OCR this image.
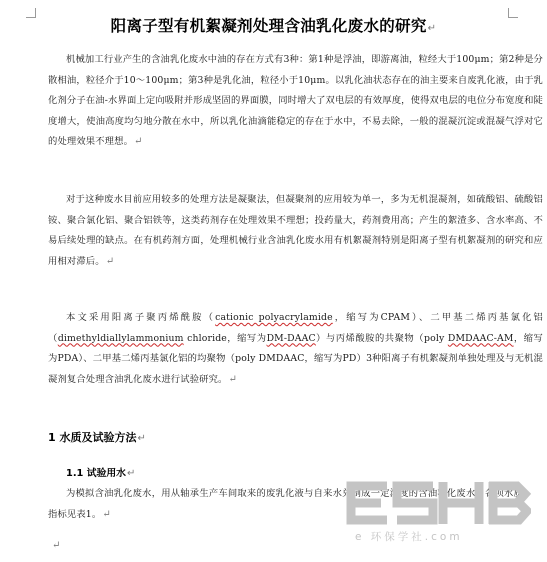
阳离子型有机絮凝剂处理含油乳化废水的研究↵
机械加工行业产生的含油乳化废水中油的存在方式有3种：第1种是浮油，即游离油，粒经大于100μm；第2种是分散相油，粒径介于10～100μm；第3种是乳化油，粒径小于10μm。以乳化油状态存在的油主要来自废乳化液，由于乳化剂分子在油-水界面上定向吸附并形成坚固的界面膜，同时增大了双电层的有效厚度，使得双电层的电位分布宽度和陡度增大，使油高度均匀地分散在水中，所以乳化油滴能稳定的存在于水中，不易去除，一般的混凝沉淀或混凝气浮对它的处理效果不理想。↵
对于这种废水目前应用较多的处理方法是凝聚法，但凝聚剂的应用较为单一，多为无机混凝剂，如硫酸铝、硫酸铝铵、聚合氯化铝、聚合铝铁等，这类药剂存在处理效果不理想；投药量大，药剂费用高；产生的絮渣多、含水率高、不易后续处理的缺点。在有机药剂方面，处理机械行业含油乳化废水用有机絮凝剂特别是阳离子型有机絮凝剂的研究和应用相对滞后。↵
本文采用阳离子聚丙烯酰胺（cationic polyacrylamide，缩写为CPAM）、二甲基二烯丙基氯化铝（dimethyldiallylammonium chloride，缩写为DM-DAAC）与丙烯酸胺的共聚物（poly DMDAAC-AM，缩写为PDA）、二甲基二烯丙基氯化铝的均聚物（poly DMDAAC，缩写为PD）3种阳离子有机絮凝剂单独处理及与无机混凝剂复合处理含油乳化废水进行试验研究。↵
1 水质及试验方法↵
1.1 试验用水↵
为模拟含油乳化废水，用从轴承生产车间取来的废乳化液与自来水兑制成一定浓度的含油乳化废水，各项水质指标见表1。↵
↵
e 环保学社.com
